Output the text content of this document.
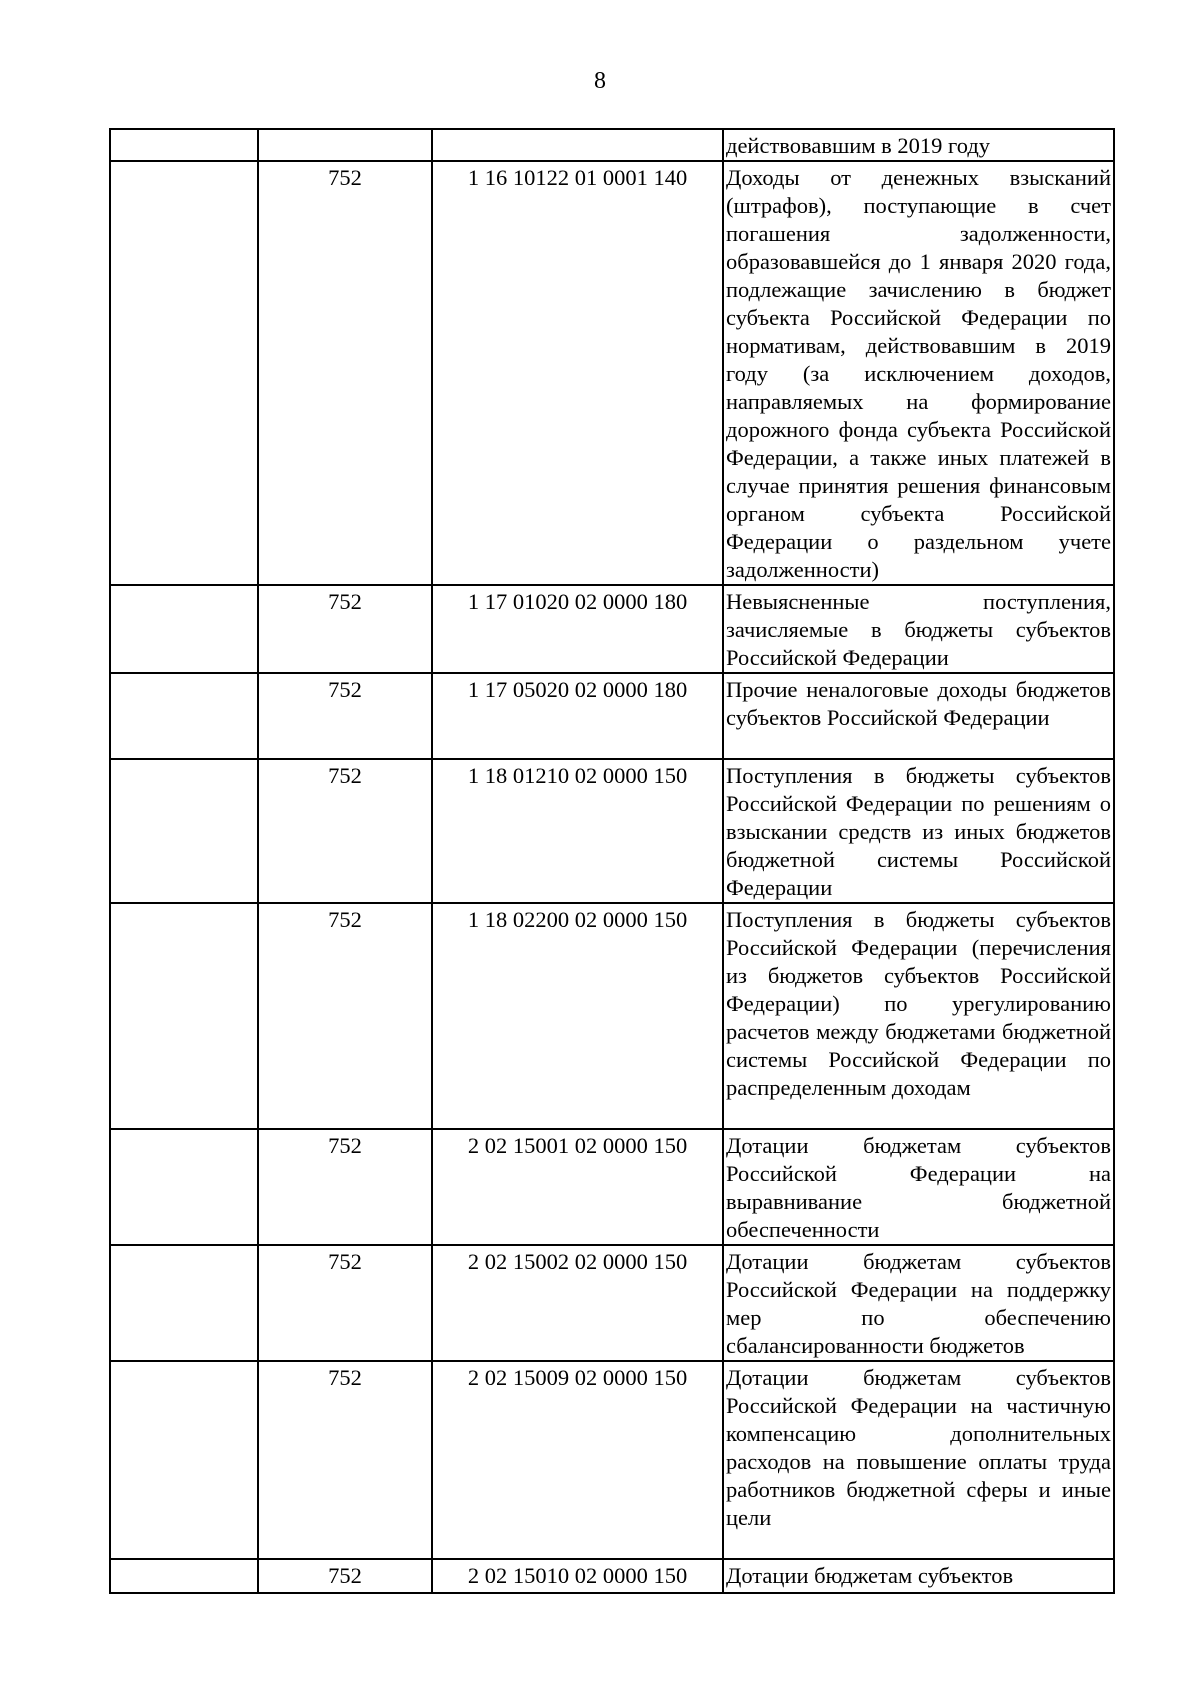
8
			действовавшим в 2019 году
	752	1 16 10122 01 0001 140	Доходы от денежных взысканий (штрафов), поступающие в счет погашения задолженности, образовавшейся до 1 января 2020 года, подлежащие зачислению в бюджет субъекта Российской Федерации по нормативам, действовавшим в 2019 году (за исключением доходов, направляемых на формирование дорожного фонда субъекта Российской Федерации, а также иных платежей в случае принятия решения финансовым органом субъекта Российской Федерации о раздельном учете задолженности)
	752	1 17 01020 02 0000 180	Невыясненные поступления, зачисляемые в бюджеты субъектов Российской Федерации
	752	1 17 05020 02 0000 180	Прочие неналоговые доходы бюджетов субъектов Российской Федерации
	752	1 18 01210 02 0000 150	Поступления в бюджеты субъектов Российской Федерации по решениям о взыскании средств из иных бюджетов бюджетной системы Российской Федерации
	752	1 18 02200 02 0000 150	Поступления в бюджеты субъектов Российской Федерации (перечисления из бюджетов субъектов Российской Федерации) по урегулированию расчетов между бюджетами бюджетной системы Российской Федерации по распределенным доходам
	752	2 02 15001 02 0000 150	Дотации бюджетам субъектов Российской Федерации на выравнивание бюджетной обеспеченности
	752	2 02 15002 02 0000 150	Дотации бюджетам субъектов Российской Федерации на поддержку мер по обеспечению сбалансированности бюджетов
	752	2 02 15009 02 0000 150	Дотации бюджетам субъектов Российской Федерации на частичную компенсацию дополнительных расходов на повышение оплаты труда работников бюджетной сферы и иные цели
	752	2 02 15010 02 0000 150	Дотации бюджетам субъектов
